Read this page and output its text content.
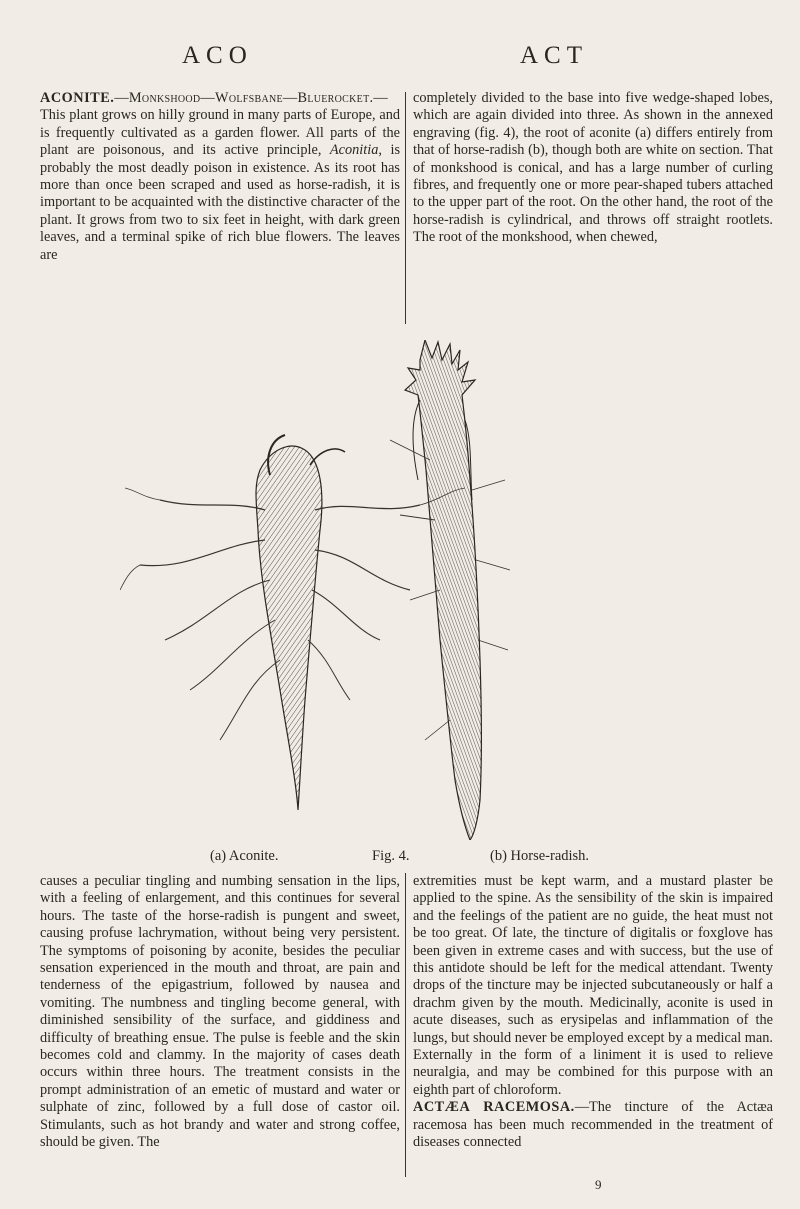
ACO	ACT

ACONITE.—Monkshood—Wolfsbane—Bluerocket.—This plant grows on hilly ground in many parts of Europe, and is frequently cultivated as a garden flower. All parts of the plant are poisonous, and its active principle, Aconitia, is probably the most deadly poison in existence. As its root has more than once been scraped and used as horse-radish, it is important to be acquainted with the distinctive character of the plant. It grows from two to six feet in height, with dark green leaves, and a terminal spike of rich blue flowers. The leaves are

completely divided to the base into five wedge-shaped lobes, which are again divided into three. As shown in the annexed engraving (fig. 4), the root of aconite (a) differs entirely from that of horse-radish (b), though both are white on section. That of monkshood is conical, and has a large number of curling fibres, and frequently one or more pear-shaped tubers attached to the upper part of the root. On the other hand, the root of the horse-radish is cylindrical, and throws off straight rootlets. The root of the monkshood, when chewed,

(a) Aconite.	Fig. 4.	(b) Horse-radish.

causes a peculiar tingling and numbing sensation in the lips, with a feeling of enlargement, and this continues for several hours. The taste of the horse-radish is pungent and sweet, causing profuse lachrymation, without being very persistent. The symptoms of poisoning by aconite, besides the peculiar sensation experienced in the mouth and throat, are pain and tenderness of the epigastrium, followed by nausea and vomiting. The numbness and tingling become general, with diminished sensibility of the surface, and giddiness and difficulty of breathing ensue. The pulse is feeble and the skin becomes cold and clammy. In the majority of cases death occurs within three hours. The treatment consists in the prompt administration of an emetic of mustard and water or sulphate of zinc, followed by a full dose of castor oil. Stimulants, such as hot brandy and water and strong coffee, should be given. The

extremities must be kept warm, and a mustard plaster be applied to the spine. As the sensibility of the skin is impaired and the feelings of the patient are no guide, the heat must not be too great. Of late, the tincture of digitalis or foxglove has been given in extreme cases and with success, but the use of this antidote should be left for the medical attendant. Twenty drops of the tincture may be injected subcutaneously or half a drachm given by the mouth. Medicinally, aconite is used in acute diseases, such as erysipelas and inflammation of the lungs, but should never be employed except by a medical man. Externally in the form of a liniment it is used to relieve neuralgia, and may be combined for this purpose with an eighth part of chloroform.

ACTÆA RACEMOSA.—The tincture of the Actæa racemosa has been much recommended in the treatment of diseases connected

9
